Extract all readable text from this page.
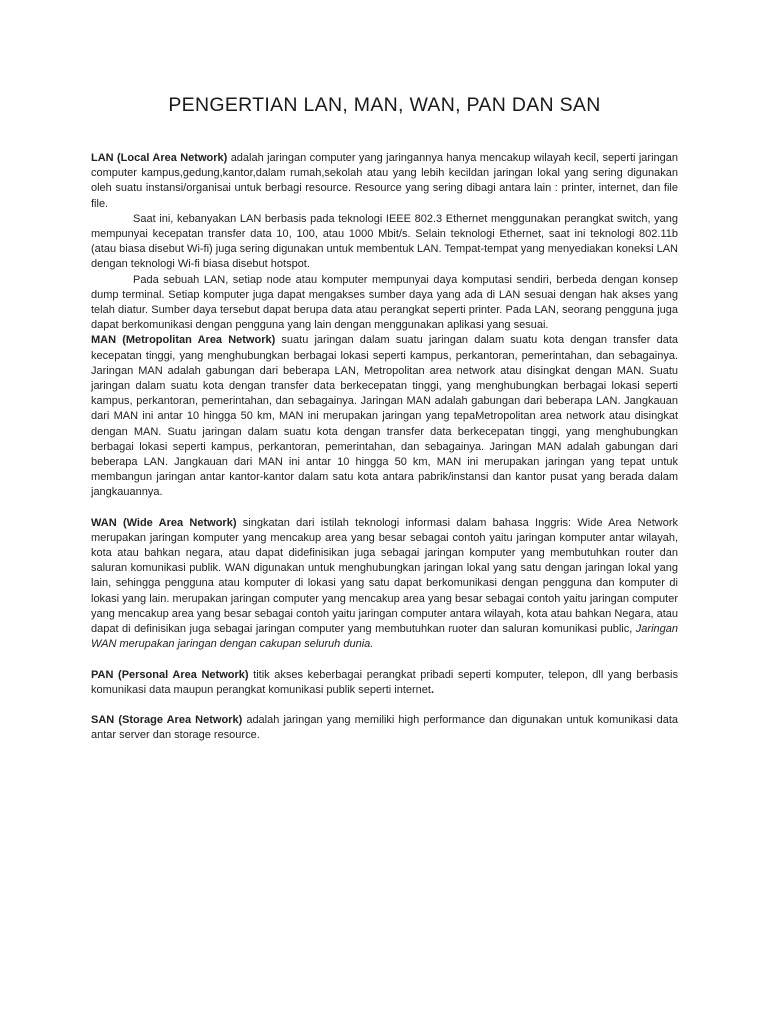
PENGERTIAN LAN, MAN, WAN, PAN DAN SAN

LAN (Local Area Network) adalah jaringan computer yang jaringannya hanya mencakup wilayah kecil, seperti jaringan computer kampus,gedung,kantor,dalam rumah,sekolah atau yang lebih kecildan jaringan lokal yang sering digunakan oleh suatu instansi/organisai untuk berbagi resource. Resource yang sering dibagi antara lain : printer, internet, dan file file.

Saat ini, kebanyakan LAN berbasis pada teknologi IEEE 802.3 Ethernet menggunakan perangkat switch, yang mempunyai kecepatan transfer data 10, 100, atau 1000 Mbit/s. Selain teknologi Ethernet, saat ini teknologi 802.11b (atau biasa disebut Wi-fi) juga sering digunakan untuk membentuk LAN. Tempat-tempat yang menyediakan koneksi LAN dengan teknologi Wi-fi biasa disebut hotspot.

Pada sebuah LAN, setiap node atau komputer mempunyai daya komputasi sendiri, berbeda dengan konsep dump terminal. Setiap komputer juga dapat mengakses sumber daya yang ada di LAN sesuai dengan hak akses yang telah diatur. Sumber daya tersebut dapat berupa data atau perangkat seperti printer. Pada LAN, seorang pengguna juga dapat berkomunikasi dengan pengguna yang lain dengan menggunakan aplikasi yang sesuai.

MAN (Metropolitan Area Network) suatu jaringan dalam suatu jaringan dalam suatu kota dengan transfer data kecepatan tinggi, yang menghubungkan berbagai lokasi seperti kampus, perkantoran, pemerintahan, dan sebagainya. Jaringan MAN adalah gabungan dari beberapa LAN, Metropolitan area network atau disingkat dengan MAN. Suatu jaringan dalam suatu kota dengan transfer data berkecepatan tinggi, yang menghubungkan berbagai lokasi seperti kampus, perkantoran, pemerintahan, dan sebagainya. Jaringan MAN adalah gabungan dari beberapa LAN. Jangkauan dari MAN ini antar 10 hingga 50 km, MAN ini merupakan jaringan yang tepaMetropolitan area network atau disingkat dengan MAN. Suatu jaringan dalam suatu kota dengan transfer data berkecepatan tinggi, yang menghubungkan berbagai lokasi seperti kampus, perkantoran, pemerintahan, dan sebagainya. Jaringan MAN adalah gabungan dari beberapa LAN. Jangkauan dari MAN ini antar 10 hingga 50 km, MAN ini merupakan jaringan yang tepat untuk membangun jaringan antar kantor-kantor dalam satu kota antara pabrik/instansi dan kantor pusat yang berada dalam jangkauannya.

WAN (Wide Area Network) singkatan dari istilah teknologi informasi dalam bahasa Inggris: Wide Area Network merupakan jaringan komputer yang mencakup area yang besar sebagai contoh yaitu jaringan komputer antar wilayah, kota atau bahkan negara, atau dapat didefinisikan juga sebagai jaringan komputer yang membutuhkan router dan saluran komunikasi publik. WAN digunakan untuk menghubungkan jaringan lokal yang satu dengan jaringan lokal yang lain, sehingga pengguna atau komputer di lokasi yang satu dapat berkomunikasi dengan pengguna dan komputer di lokasi yang lain. merupakan jaringan computer yang mencakup area yang besar sebagai contoh yaitu jaringan computer yang mencakup area yang besar sebagai contoh yaitu jaringan computer antara wilayah, kota atau bahkan Negara, atau dapat di definisikan juga sebagai jaringan computer yang membutuhkan ruoter dan saluran komunikasi public, Jaringan WAN merupakan jaringan dengan cakupan seluruh dunia.

PAN (Personal Area Network) titik akses keberbagai perangkat pribadi seperti komputer, telepon, dll yang berbasis komunikasi data maupun perangkat komunikasi publik seperti internet.

SAN (Storage Area Network) adalah jaringan yang memiliki high performance dan digunakan untuk komunikasi data antar server dan storage resource.
